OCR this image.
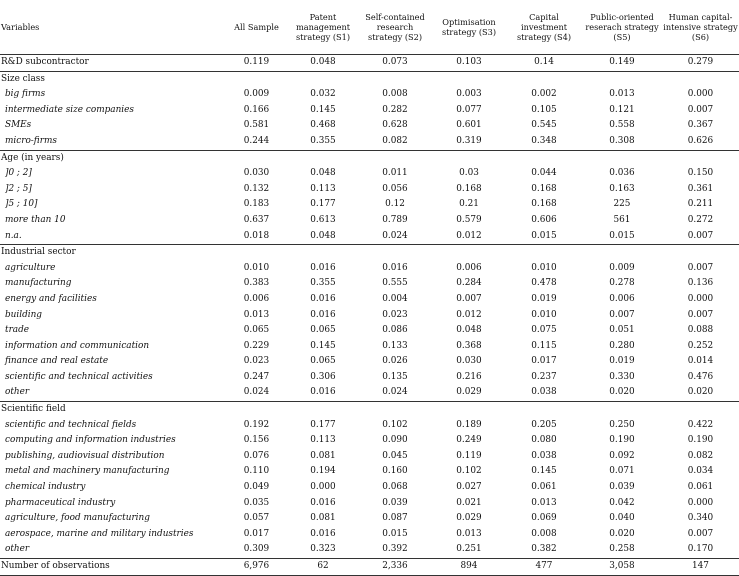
Variables	All Sample	Patent management strategy (S1)	Self-contained research strategy (S2)	Optimisation strategy (S3)	Capital investment strategy (S4)	Public-oriented reserach strategy (S5)	Human capital-intensive strategy (S6)
R&D subcontractor	0.119	0.048	0.073	0.103	0.14	0.149	0.279
Size class							
big firms	0.009	0.032	0.008	0.003	0.002	0.013	0.000
intermediate size companies	0.166	0.145	0.282	0.077	0.105	0.121	0.007
SMEs	0.581	0.468	0.628	0.601	0.545	0.558	0.367
micro-firms	0.244	0.355	0.082	0.319	0.348	0.308	0.626
Age (in years)							
]0 ; 2]	0.030	0.048	0.011	0.03	0.044	0.036	0.150
]2 ; 5]	0.132	0.113	0.056	0.168	0.168	0.163	0.361
]5 ; 10]	0.183	0.177	0.12	0.21	0.168	225	0.211
more than 10	0.637	0.613	0.789	0.579	0.606	561	0.272
n.a.	0.018	0.048	0.024	0.012	0.015	0.015	0.007
Industrial sector							
agriculture	0.010	0.016	0.016	0.006	0.010	0.009	0.007
manufacturing	0.383	0.355	0.555	0.284	0.478	0.278	0.136
energy and facilities	0.006	0.016	0.004	0.007	0.019	0.006	0.000
building	0.013	0.016	0.023	0.012	0.010	0.007	0.007
trade	0.065	0.065	0.086	0.048	0.075	0.051	0.088
information and communication	0.229	0.145	0.133	0.368	0.115	0.280	0.252
finance and real estate	0.023	0.065	0.026	0.030	0.017	0.019	0.014
scientific and technical activities	0.247	0.306	0.135	0.216	0.237	0.330	0.476
other	0.024	0.016	0.024	0.029	0.038	0.020	0.020
Scientific field							
scientific and technical fields	0.192	0.177	0.102	0.189	0.205	0.250	0.422
computing and information industries	0.156	0.113	0.090	0.249	0.080	0.190	0.190
publishing, audiovisual distribution	0.076	0.081	0.045	0.119	0.038	0.092	0.082
metal and machinery manufacturing	0.110	0.194	0.160	0.102	0.145	0.071	0.034
chemical industry	0.049	0.000	0.068	0.027	0.061	0.039	0.061
pharmaceutical industry	0.035	0.016	0.039	0.021	0.013	0.042	0.000
agriculture, food manufacturing	0.057	0.081	0.087	0.029	0.069	0.040	0.340
aerospace, marine and military industries	0.017	0.016	0.015	0.013	0.008	0.020	0.007
other	0.309	0.323	0.392	0.251	0.382	0.258	0.170
Number of observations	6,976	62	2,336	894	477	3,058	147
